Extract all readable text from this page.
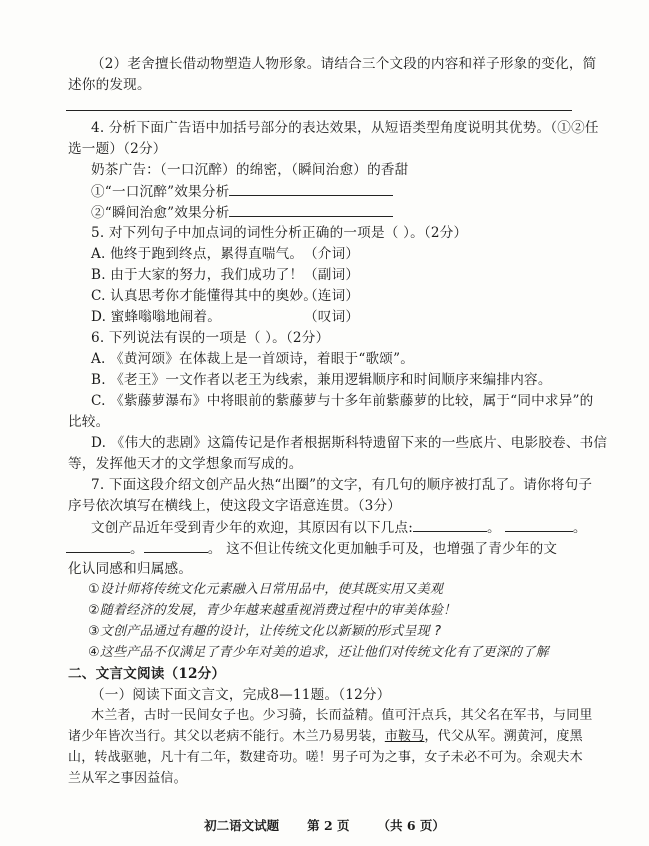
（2）老舍擅长借动物塑造人物形象。请结合三个文段的内容和祥子形象的变化，简
述你的发现。
4. 分析下面广告语中加括号部分的表达效果，从短语类型角度说明其优势。（①②任
选一题）（2分）
奶茶广告：（一口沉醉）的绵密，（瞬间治愈）的香甜
①“一口沉醉”效果分析
②“瞬间治愈”效果分析
5. 对下列句子中加点词的词性分析正确的一项是（ ）。（2分）
A. 他终于跑到终点，累得直喘气。（介词）
B. 由于大家的努力，我们成功了！（副词）
C. 认真思考你才能懂得其中的奥妙。（连词）
D. 蜜蜂嗡嗡地闹着。	（叹词）
6. 下列说法有误的一项是（ ）。（2分）
A. 《黄河颂》在体裁上是一首颂诗，着眼于“歌颂”。
B. 《老王》一文作者以老王为线索，兼用逻辑顺序和时间顺序来编排内容。
C. 《紫藤萝瀑布》中将眼前的紫藤萝与十多年前紫藤萝的比较，属于“同中求异”的
比较。
D. 《伟大的悲剧》这篇传记是作者根据斯科特遗留下来的一些底片、电影胶卷、书信
等，发挥他天才的文学想象而写成的。
7. 下面这段介绍文创产品火热“出圈”的文字，有几句的顺序被打乱了。请你将句子
序号依次填写在横线上，使这段文字语意连贯。（3分）
文创产品近年受到青少年的欢迎，其原因有以下几点:	。	。
。	。 这不但让传统文化更加触手可及，也增强了青少年的文
化认同感和归属感。
①设计师将传统文化元素融入日常用品中，使其既实用又美观
②随着经济的发展，青少年越来越重视消费过程中的审美体验！
③文创产品通过有趣的设计，让传统文化以新颖的形式呈现 ?
④这些产品不仅满足了青少年对美的追求，还让他们对传统文化有了更深的了解
二、文言文阅读（12分）
（一）阅读下面文言文，完成8—11题。（12分）
木兰者，古时一民间女子也。少习骑，长而益精。值可汗点兵，其父名在军书，与同里
诸少年皆次当行。其父以老病不能行。木兰乃易男装，市鞍马，代父从军。溯黄河，度黑
山，转战驱驰，凡十有二年，数建奇功。嗟！男子可为之事，女子未必不可为。余观夫木
兰从军之事因益信。
初二语文试题 第 2 页 （共 6 页）
